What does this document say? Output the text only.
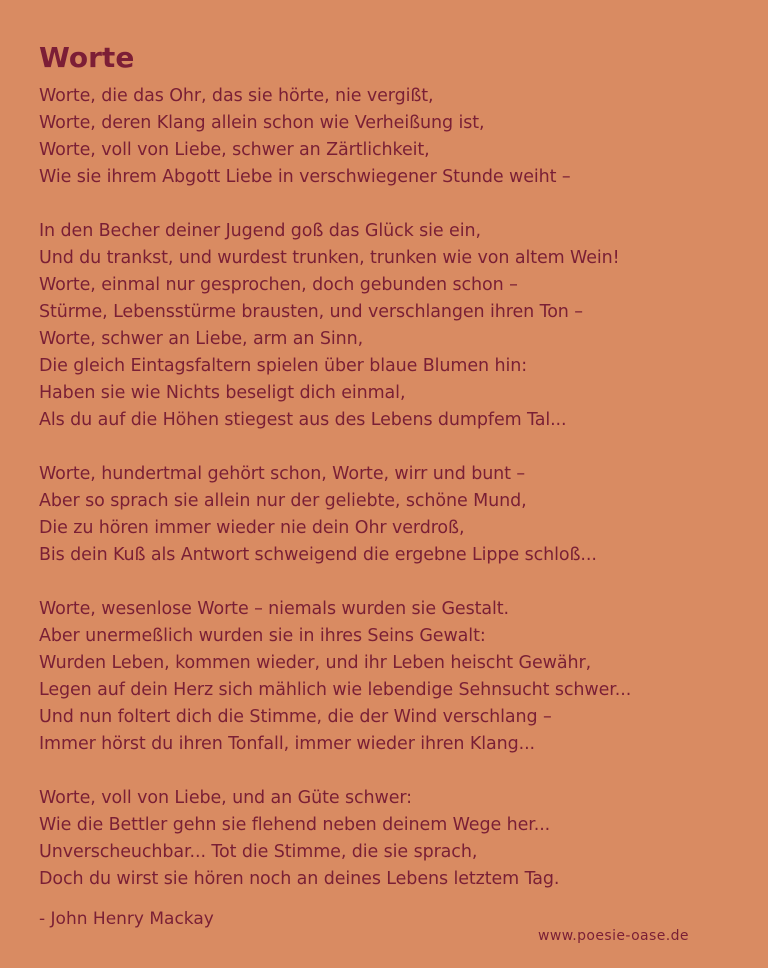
Worte
Worte, die das Ohr, das sie hörte, nie vergißt,
Worte, deren Klang allein schon wie Verheißung ist,
Worte, voll von Liebe, schwer an Zärtlichkeit,
Wie sie ihrem Abgott Liebe in verschwiegener Stunde weiht –
In den Becher deiner Jugend goß das Glück sie ein,
Und du trankst, und wurdest trunken, trunken wie von altem Wein!
Worte, einmal nur gesprochen, doch gebunden schon –
Stürme, Lebensstürme brausten, und verschlangen ihren Ton –
Worte, schwer an Liebe, arm an Sinn,
Die gleich Eintagsfaltern spielen über blaue Blumen hin:
Haben sie wie Nichts beseligt dich einmal,
Als du auf die Höhen stiegest aus des Lebens dumpfem Tal...
Worte, hundertmal gehört schon, Worte, wirr und bunt –
Aber so sprach sie allein nur der geliebte, schöne Mund,
Die zu hören immer wieder nie dein Ohr verdroß,
Bis dein Kuß als Antwort schweigend die ergebne Lippe schloß...
Worte, wesenlose Worte – niemals wurden sie Gestalt.
Aber unermeßlich wurden sie in ihres Seins Gewalt:
Wurden Leben, kommen wieder, und ihr Leben heischt Gewähr,
Legen auf dein Herz sich mählich wie lebendige Sehnsucht schwer...
Und nun foltert dich die Stimme, die der Wind verschlang –
Immer hörst du ihren Tonfall, immer wieder ihren Klang...
Worte, voll von Liebe, und an Güte schwer:
Wie die Bettler gehn sie flehend neben deinem Wege her...
Unverscheuchbar... Tot die Stimme, die sie sprach,
Doch du wirst sie hören noch an deines Lebens letztem Tag.
- John Henry Mackay
www.poesie-oase.de
